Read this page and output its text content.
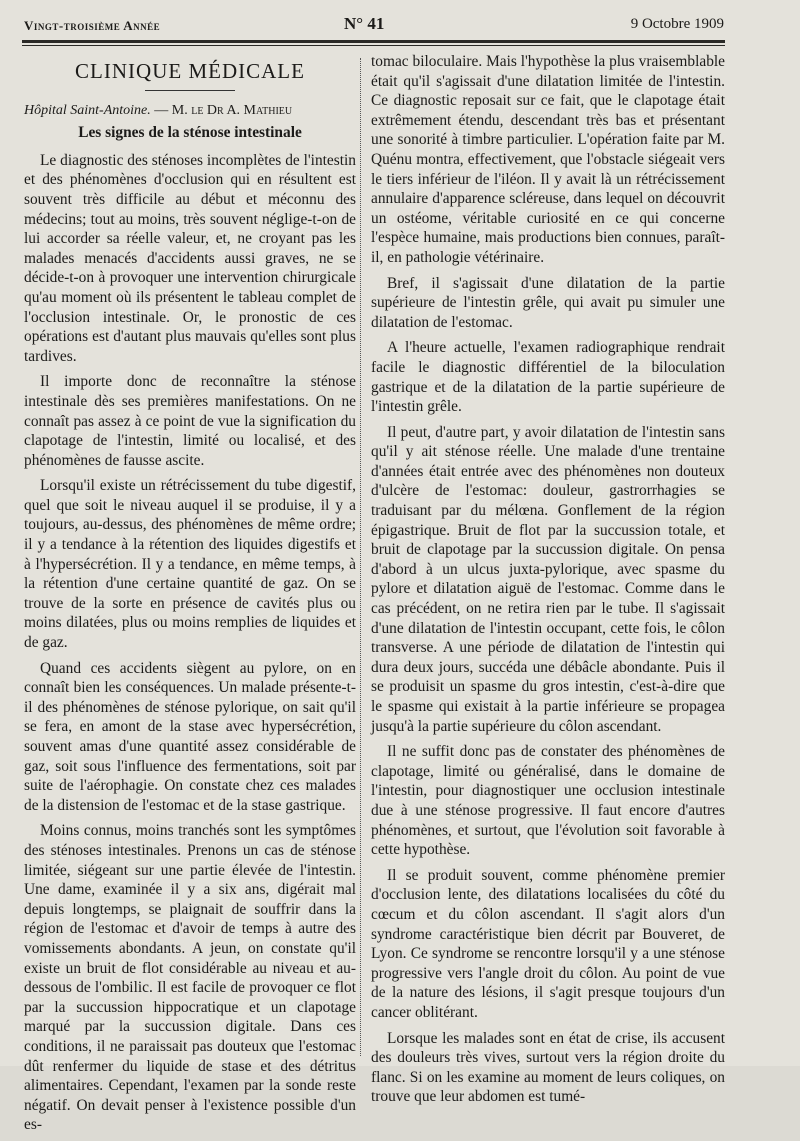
Vingt-troisième Année	N° 41	9 Octobre 1909
CLINIQUE MÉDICALE

Hôpital Saint-Antoine. — M. le Dr A. Mathieu

Les signes de la sténose intestinale

Le diagnostic des sténoses incomplètes de l'intestin et des phénomènes d'occlusion qui en résultent est souvent très difficile au début et méconnu des médecins; tout au moins, très souvent néglige-t-on de lui accorder sa réelle valeur, et, ne croyant pas les malades menacés d'accidents aussi graves, ne se décide-t-on à provoquer une intervention chirurgicale qu'au moment où ils présentent le tableau complet de l'occlusion intestinale. Or, le pronostic de ces opérations est d'autant plus mauvais qu'elles sont plus tardives.

Il importe donc de reconnaître la sténose intestinale dès ses premières manifestations. On ne connaît pas assez à ce point de vue la signification du clapotage de l'intestin, limité ou localisé, et des phénomènes de fausse ascite.

Lorsqu'il existe un rétrécissement du tube digestif, quel que soit le niveau auquel il se produise, il y a toujours, au-dessus, des phénomènes de même ordre; il y a tendance à la rétention des liquides digestifs et à l'hypersécrétion. Il y a tendance, en même temps, à la rétention d'une certaine quantité de gaz. On se trouve de la sorte en présence de cavités plus ou moins dilatées, plus ou moins remplies de liquides et de gaz.

Quand ces accidents siègent au pylore, on en connaît bien les conséquences. Un malade présente-t-il des phénomènes de sténose pylorique, on sait qu'il se fera, en amont de la stase avec hypersécrétion, souvent amas d'une quantité assez considérable de gaz, soit sous l'influence des fermentations, soit par suite de l'aérophagie. On constate chez ces malades de la distension de l'estomac et de la stase gastrique.

Moins connus, moins tranchés sont les symptômes des sténoses intestinales. Prenons un cas de sténose limitée, siégeant sur une partie élevée de l'intestin. Une dame, examinée il y a six ans, digérait mal depuis longtemps, se plaignait de souffrir dans la région de l'estomac et d'avoir de temps à autre des vomissements abondants. A jeun, on constate qu'il existe un bruit de flot considérable au niveau et au-dessous de l'ombilic. Il est facile de provoquer ce flot par la succussion hippocratique et un clapotage marqué par la succussion digitale. Dans ces conditions, il ne paraissait pas douteux que l'estomac dût renfermer du liquide de stase et des détritus alimentaires. Cependant, l'examen par la sonde reste négatif. On devait penser à l'existence possible d'un es-

tomac biloculaire. Mais l'hypothèse la plus vraisemblable était qu'il s'agissait d'une dilatation limitée de l'intestin. Ce diagnostic reposait sur ce fait, que le clapotage était extrêmement étendu, descendant très bas et présentant une sonorité à timbre particulier. L'opération faite par M. Quénu montra, effectivement, que l'obstacle siégeait vers le tiers inférieur de l'iléon. Il y avait là un rétrécissement annulaire d'apparence scléreuse, dans lequel on découvrit un ostéome, véritable curiosité en ce qui concerne l'espèce humaine, mais productions bien connues, paraît-il, en pathologie vétérinaire.

Bref, il s'agissait d'une dilatation de la partie supérieure de l'intestin grêle, qui avait pu simuler une dilatation de l'estomac.

A l'heure actuelle, l'examen radiographique rendrait facile le diagnostic différentiel de la biloculation gastrique et de la dilatation de la partie supérieure de l'intestin grêle.

Il peut, d'autre part, y avoir dilatation de l'intestin sans qu'il y ait sténose réelle. Une malade d'une trentaine d'années était entrée avec des phénomènes non douteux d'ulcère de l'estomac: douleur, gastrorrhagies se traduisant par du mélœna. Gonflement de la région épigastrique. Bruit de flot par la succussion totale, et bruit de clapotage par la succussion digitale. On pensa d'abord à un ulcus juxta-pylorique, avec spasme du pylore et dilatation aiguë de l'estomac. Comme dans le cas précédent, on ne retira rien par le tube. Il s'agissait d'une dilatation de l'intestin occupant, cette fois, le côlon transverse. A une période de dilatation de l'intestin qui dura deux jours, succéda une débâcle abondante. Puis il se produisit un spasme du gros intestin, c'est-à-dire que le spasme qui existait à la partie inférieure se propagea jusqu'à la partie supérieure du côlon ascendant.

Il ne suffit donc pas de constater des phénomènes de clapotage, limité ou généralisé, dans le domaine de l'intestin, pour diagnostiquer une occlusion intestinale due à une sténose progressive. Il faut encore d'autres phénomènes, et surtout, que l'évolution soit favorable à cette hypothèse.

Il se produit souvent, comme phénomène premier d'occlusion lente, des dilatations localisées du côté du cœcum et du côlon ascendant. Il s'agit alors d'un syndrome caractéristique bien décrit par Bouveret, de Lyon. Ce syndrome se rencontre lorsqu'il y a une sténose progressive vers l'angle droit du côlon. Au point de vue de la nature des lésions, il s'agit presque toujours d'un cancer oblitérant.

Lorsque les malades sont en état de crise, ils accusent des douleurs très vives, surtout vers la région droite du flanc. Si on les examine au moment de leurs coliques, on trouve que leur abdomen est tumé-
